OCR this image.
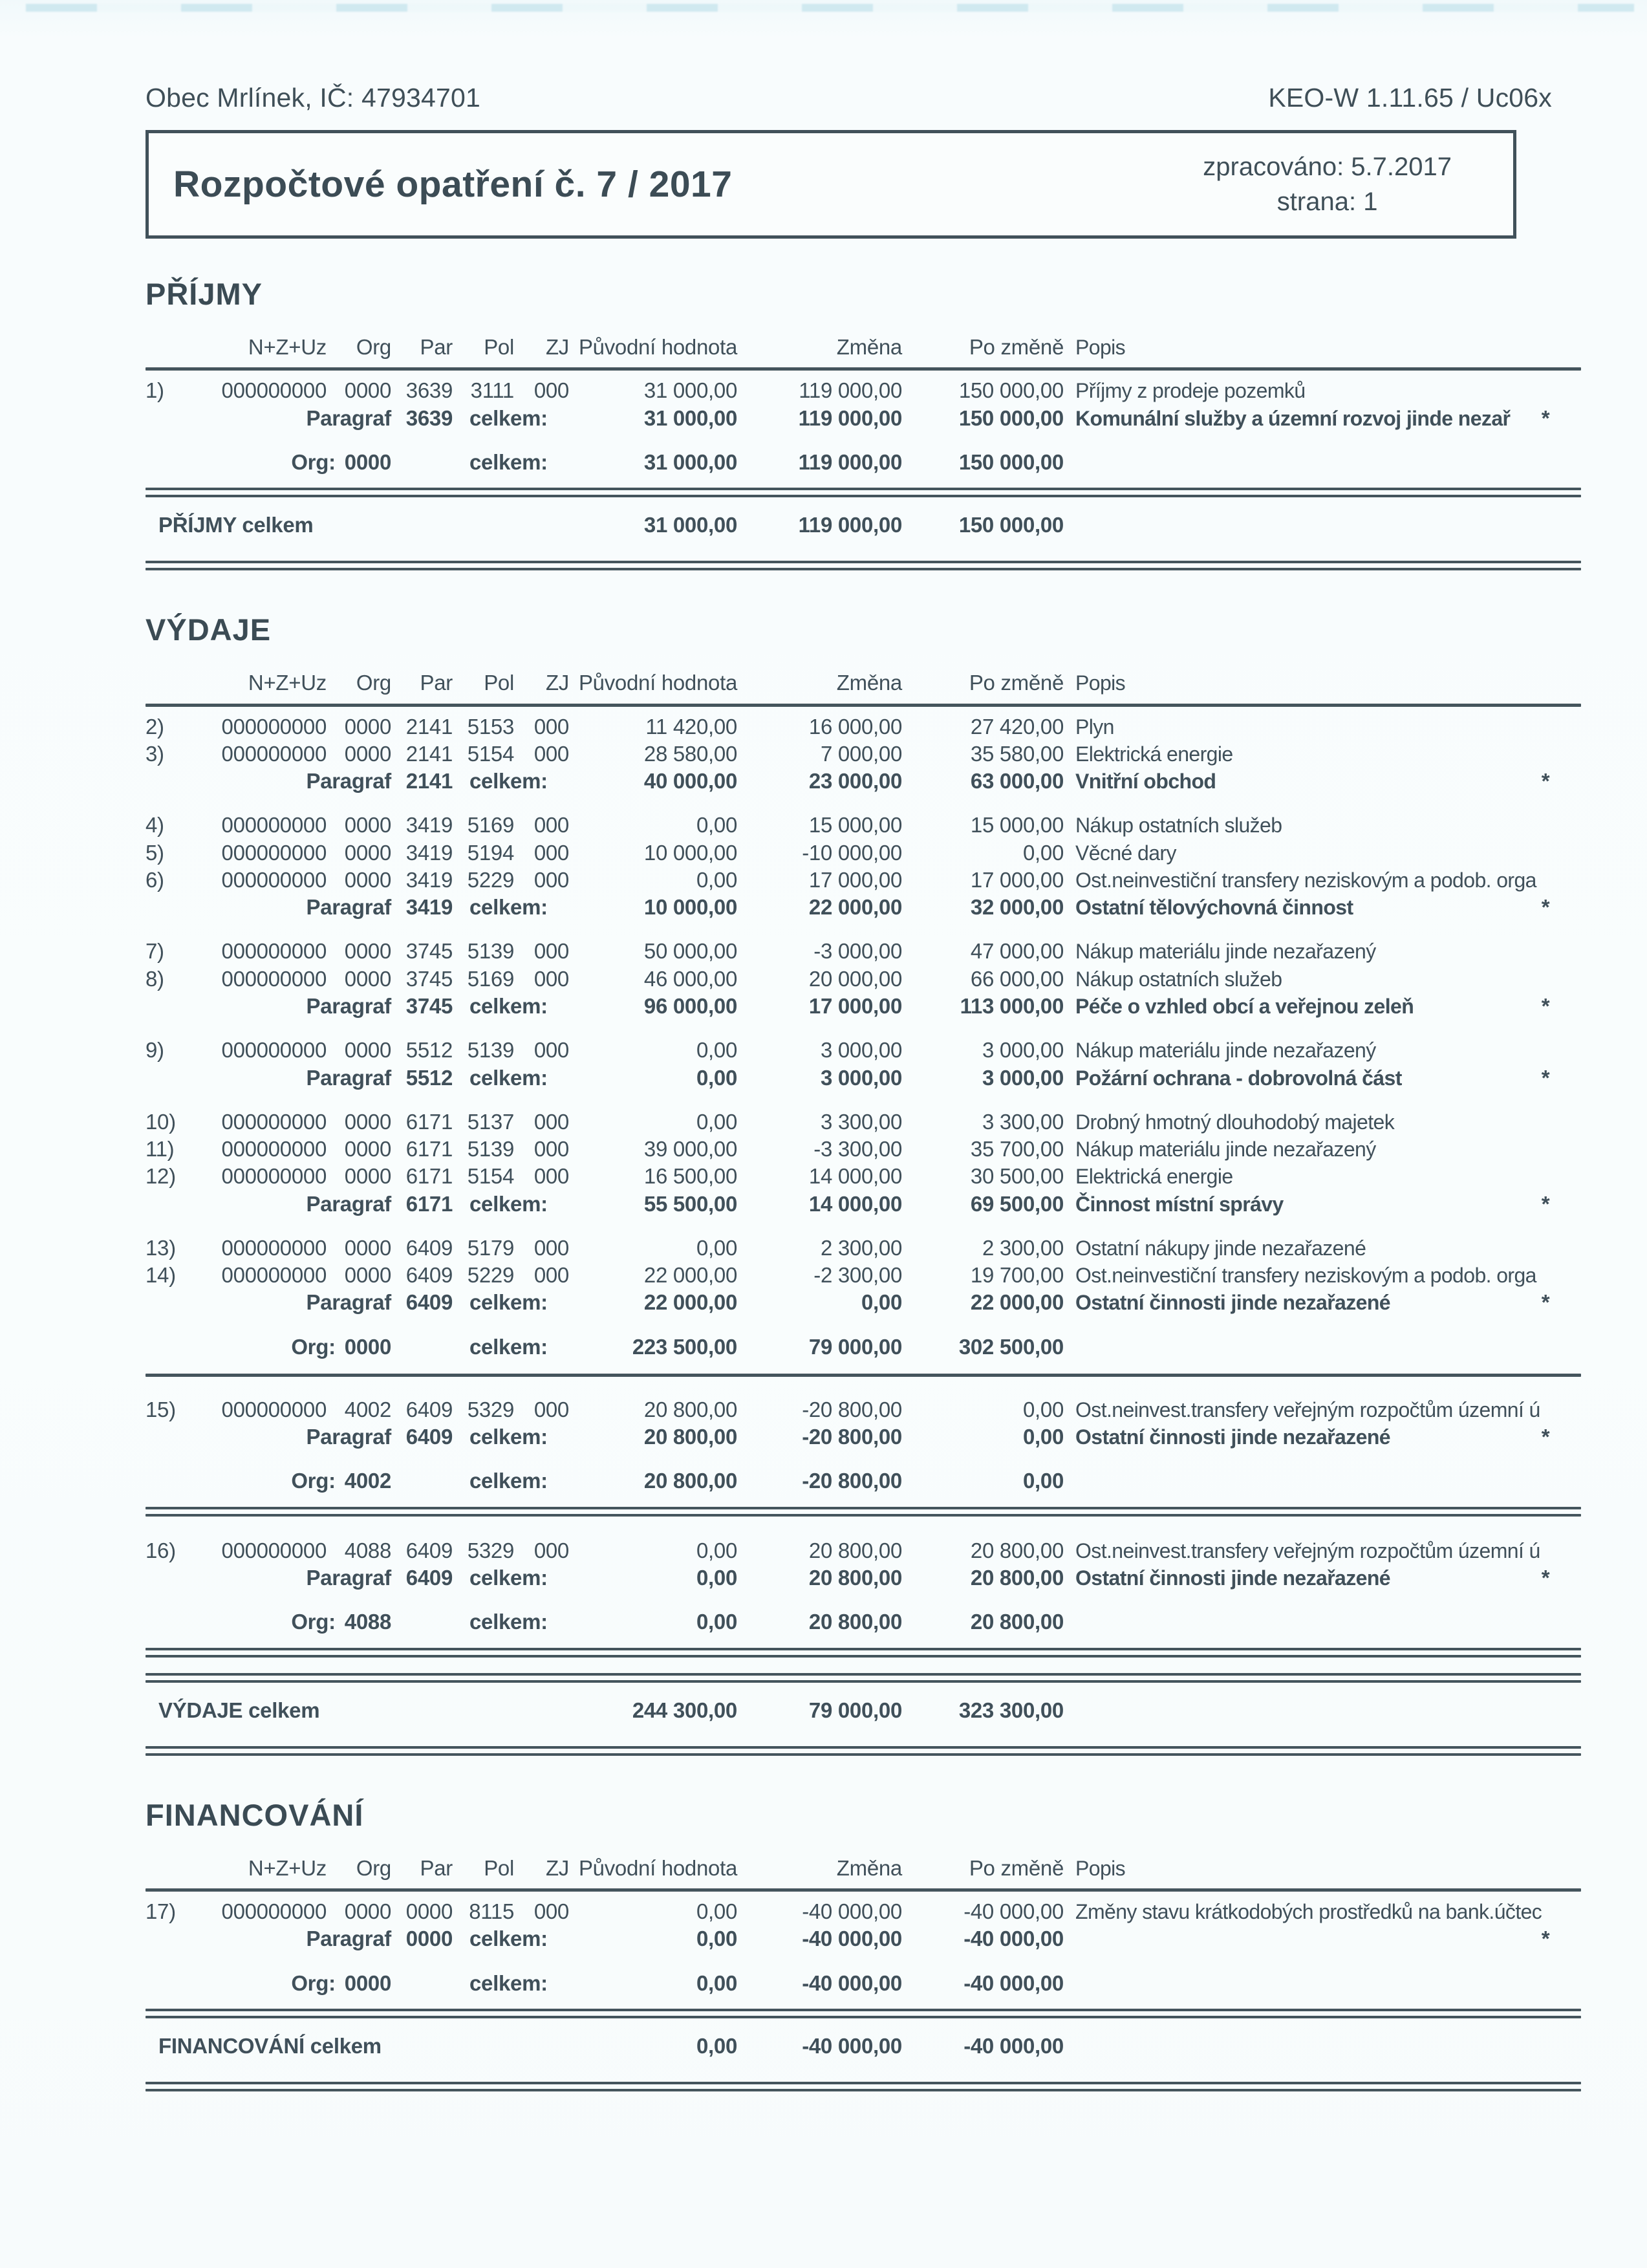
Obec Mrlínek, IČ: 47934701	KEO-W 1.11.65 / Uc06x
Rozpočtové opatření č. 7 / 2017	zpracováno: 5.7.2017
strana: 1
PŘÍJMY
	N+Z+Uz	Org	Par	Pol	ZJ	Původní hodnota	Změna	Po změně	Popis	

1)	000000000	0000	3639	3111	000	31 000,00	119 000,00	150 000,00	Příjmy z prodeje pozemků	
Paragraf			3639	celkem:		31 000,00	119 000,00	150 000,00	Komunální služby a územní rozvoj jinde nezař	*
Org: 0000				celkem:		31 000,00	119 000,00	150 000,00		

PŘÍJMY celkem						31 000,00	119 000,00	150 000,00		

VÝDAJE
	N+Z+Uz	Org	Par	Pol	ZJ	Původní hodnota	Změna	Po změně	Popis	

2)	000000000	0000	2141	5153	000	11 420,00	16 000,00	27 420,00	Plyn	
3)	000000000	0000	2141	5154	000	28 580,00	7 000,00	35 580,00	Elektrická energie	
Paragraf			2141	celkem:		40 000,00	23 000,00	63 000,00	Vnitřní obchod	*
4)	000000000	0000	3419	5169	000	0,00	15 000,00	15 000,00	Nákup ostatních služeb	
5)	000000000	0000	3419	5194	000	10 000,00	-10 000,00	0,00	Věcné dary	
6)	000000000	0000	3419	5229	000	0,00	17 000,00	17 000,00	Ost.neinvestiční transfery neziskovým a podob. orga	
Paragraf			3419	celkem:		10 000,00	22 000,00	32 000,00	Ostatní tělovýchovná činnost	*
7)	000000000	0000	3745	5139	000	50 000,00	-3 000,00	47 000,00	Nákup materiálu jinde nezařazený	
8)	000000000	0000	3745	5169	000	46 000,00	20 000,00	66 000,00	Nákup ostatních služeb	
Paragraf			3745	celkem:		96 000,00	17 000,00	113 000,00	Péče o vzhled obcí a veřejnou zeleň	*
9)	000000000	0000	5512	5139	000	0,00	3 000,00	3 000,00	Nákup materiálu jinde nezařazený	
Paragraf			5512	celkem:		0,00	3 000,00	3 000,00	Požární ochrana - dobrovolná část	*
10)	000000000	0000	6171	5137	000	0,00	3 300,00	3 300,00	Drobný hmotný dlouhodobý majetek	
11)	000000000	0000	6171	5139	000	39 000,00	-3 300,00	35 700,00	Nákup materiálu jinde nezařazený	
12)	000000000	0000	6171	5154	000	16 500,00	14 000,00	30 500,00	Elektrická energie	
Paragraf			6171	celkem:		55 500,00	14 000,00	69 500,00	Činnost místní správy	*
13)	000000000	0000	6409	5179	000	0,00	2 300,00	2 300,00	Ostatní nákupy jinde nezařazené	
14)	000000000	0000	6409	5229	000	22 000,00	-2 300,00	19 700,00	Ost.neinvestiční transfery neziskovým a podob. orga	
Paragraf			6409	celkem:		22 000,00	0,00	22 000,00	Ostatní činnosti jinde nezařazené	*
Org: 0000				celkem:		223 500,00	79 000,00	302 500,00		

15)	000000000	4002	6409	5329	000	20 800,00	-20 800,00	0,00	Ost.neinvest.transfery veřejným rozpočtům územní ú	
Paragraf			6409	celkem:		20 800,00	-20 800,00	0,00	Ostatní činnosti jinde nezařazené	*
Org: 4002				celkem:		20 800,00	-20 800,00	0,00		

16)	000000000	4088	6409	5329	000	0,00	20 800,00	20 800,00	Ost.neinvest.transfery veřejným rozpočtům územní ú	
Paragraf			6409	celkem:		0,00	20 800,00	20 800,00	Ostatní činnosti jinde nezařazené	*
Org: 4088				celkem:		0,00	20 800,00	20 800,00		

VÝDAJE celkem						244 300,00	79 000,00	323 300,00		

FINANCOVÁNÍ
	N+Z+Uz	Org	Par	Pol	ZJ	Původní hodnota	Změna	Po změně	Popis	

17)	000000000	0000	0000	8115	000	0,00	-40 000,00	-40 000,00	Změny stavu krátkodobých prostředků na bank.účtec	
Paragraf			0000	celkem:		0,00	-40 000,00	-40 000,00		*
Org: 0000				celkem:		0,00	-40 000,00	-40 000,00		

FINANCOVÁNÍ celkem						0,00	-40 000,00	-40 000,00		
